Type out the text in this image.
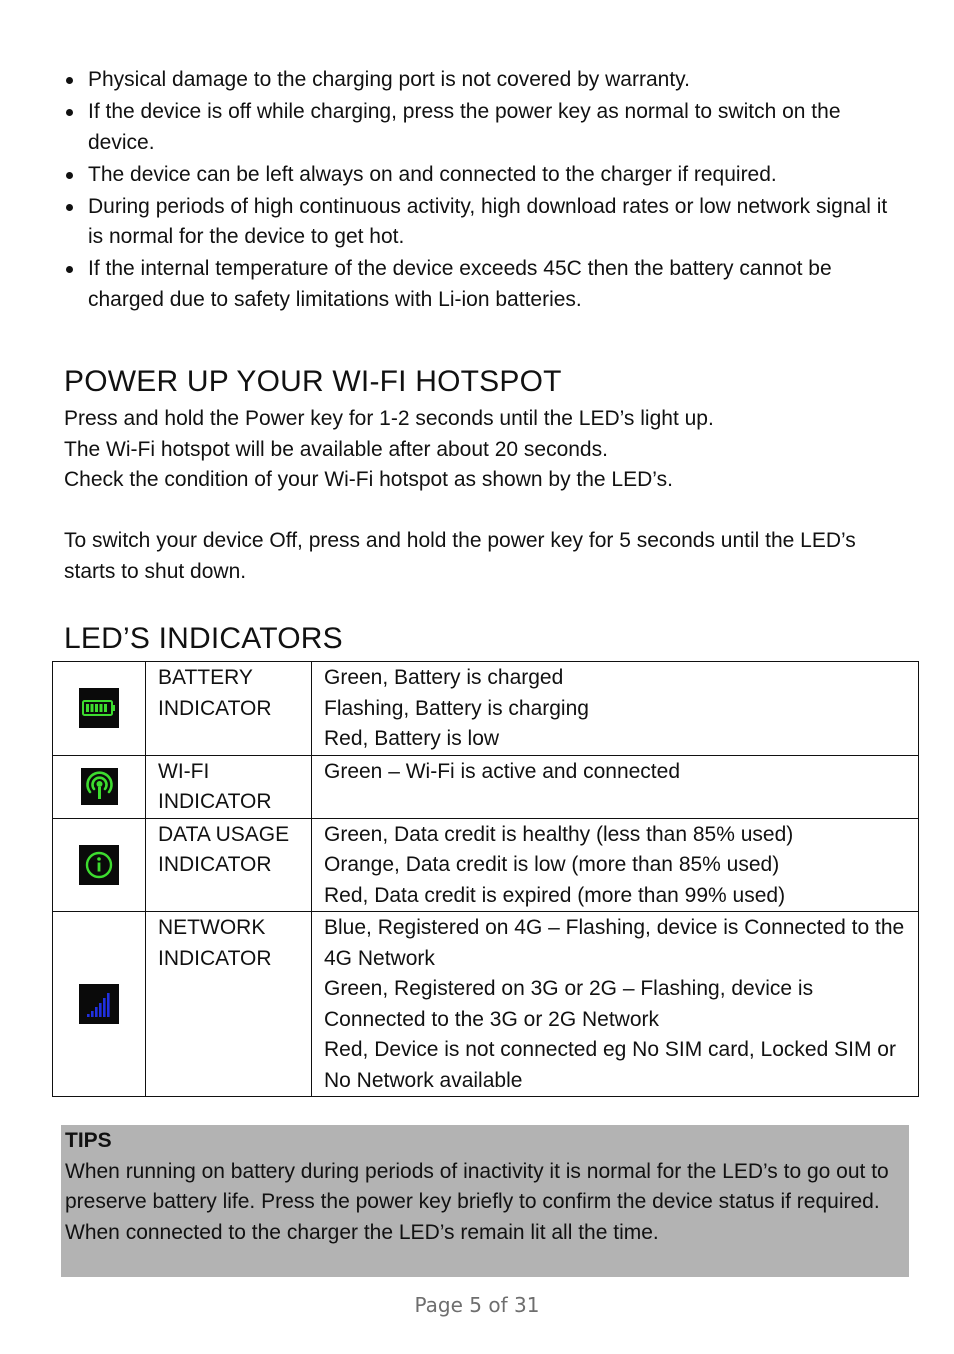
Physical damage to the charging port is not covered by warranty.
If the device is off while charging, press the power key as normal to switch on the device.
The device can be left always on and connected to the charger if required.
During periods of high continuous activity, high download rates or low network signal it is normal for the device to get hot.
If the internal temperature of the device exceeds 45C then the battery cannot be charged due to safety limitations with Li-ion batteries.
POWER UP YOUR WI-FI HOTSPOT
Press and hold the Power key for 1-2 seconds until the LED’s light up.
The Wi-Fi hotspot will be available after about 20 seconds.
Check the condition of your Wi-Fi hotspot as shown by the LED’s.
To switch your device Off, press and hold the power key for 5 seconds until the LED’s starts to shut down.
LED’S INDICATORS
	BATTERY INDICATOR	Green, Battery is charged
Flashing, Battery is charging
Red, Battery is low

	WI-FI INDICATOR	Green – Wi-Fi is active and connected

	DATA USAGE INDICATOR	Green, Data credit is healthy (less than 85% used)
Orange, Data credit is low (more than 85% used)
Red, Data credit is expired (more than 99% used)

	NETWORK INDICATOR	Blue, Registered on 4G – Flashing, device is Connected to the 4G Network
Green, Registered on 3G or 2G – Flashing, device is Connected to the 3G or 2G Network
Red, Device is not connected eg No SIM card, Locked SIM or No Network available
TIPS
When running on battery during periods of inactivity it is normal for the LED’s to go out to preserve battery life. Press the power key briefly to confirm the device status if required.
When connected to the charger the LED’s remain lit all the time.
Page 5 of 31
